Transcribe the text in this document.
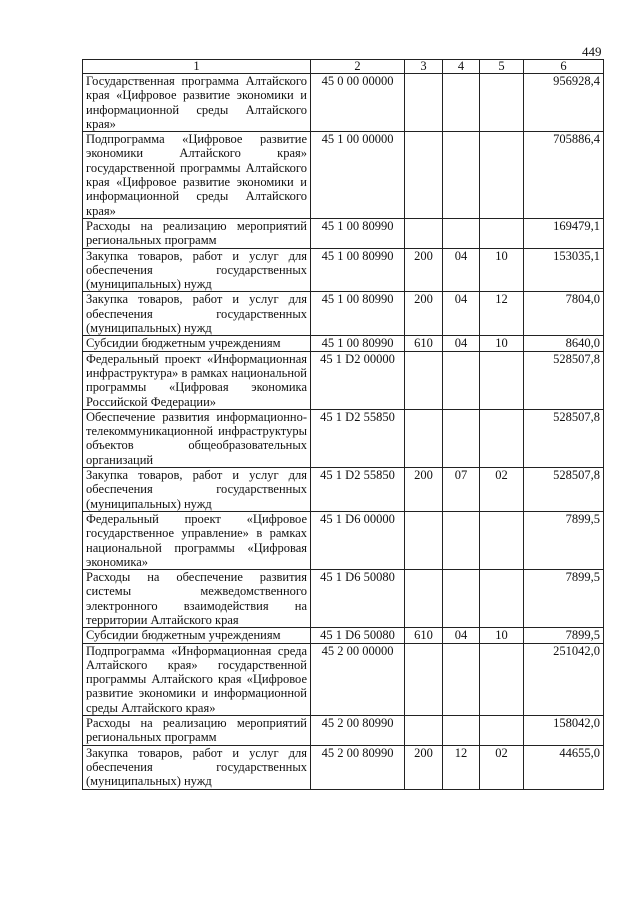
449
1	2	3	4	5	6
Государственная программа Алтайского края «Цифровое развитие экономики и информационной среды Алтайского края»	45 0 00 00000				956928,4
Подпрограмма «Цифровое развитие экономики Алтайского края» государственной программы Алтайского края «Цифровое развитие экономики и информационной среды Алтайского края»	45 1 00 00000				705886,4
Расходы на реализацию мероприятий региональных программ	45 1 00 80990				169479,1
Закупка товаров, работ и услуг для обеспечения государственных (муниципальных) нужд	45 1 00 80990	200	04	10	153035,1
Закупка товаров, работ и услуг для обеспечения государственных (муниципальных) нужд	45 1 00 80990	200	04	12	7804,0
Субсидии бюджетным учреждениям	45 1 00 80990	610	04	10	8640,0
Федеральный проект «Информационная инфраструктура» в рамках национальной программы «Цифровая экономика Российской Федерации»	45 1 D2 00000				528507,8
Обеспечение развития информационно-телекоммуникационной инфраструктуры объектов общеобразовательных организаций	45 1 D2 55850				528507,8
Закупка товаров, работ и услуг для обеспечения государственных (муниципальных) нужд	45 1 D2 55850	200	07	02	528507,8
Федеральный проект «Цифровое государственное управление» в рамках национальной программы «Цифровая экономика»	45 1 D6 00000				7899,5
Расходы на обеспечение развития системы межведомственного электронного взаимодействия на территории Алтайского края	45 1 D6 50080				7899,5
Субсидии бюджетным учреждениям	45 1 D6 50080	610	04	10	7899,5
Подпрограмма «Информационная среда Алтайского края» государственной программы Алтайского края «Цифровое развитие экономики и информационной среды Алтайского края»	45 2 00 00000				251042,0
Расходы на реализацию мероприятий региональных программ	45 2 00 80990				158042,0
Закупка товаров, работ и услуг для обеспечения государственных (муниципальных) нужд	45 2 00 80990	200	12	02	44655,0
